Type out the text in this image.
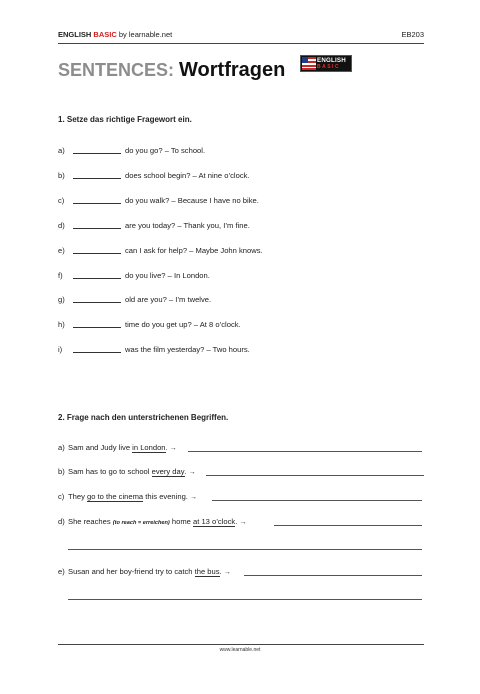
ENGLISH BASIC by learnable.net	EB203
SENTENCES: Wortfragen	ENGLISH
BASIC
1. Setze das richtige Fragewort ein.
a)	do you go? – To school.
b)	does school begin? – At nine o’clock.
c)	do you walk? – Because I have no bike.
d)	are you today? – Thank you, I’m fine.
e)	can I ask for help? – Maybe John knows.
f)	do you live? – In London.
g)	old are you? – I’m twelve.
h)	time do you get up? – At 8 o’clock.
i)	was the film yesterday? – Two hours.
2. Frage nach den unterstrichenen Begriffen.
a) Sam and Judy live in London. →
b) Sam has to go to school every day. →
c) They go to the cinema this evening. →
d) She reaches (to reach = erreichen) home at 13 o’clock. →
e) Susan and her boy-friend try to catch the bus. →
www.learnable.net
